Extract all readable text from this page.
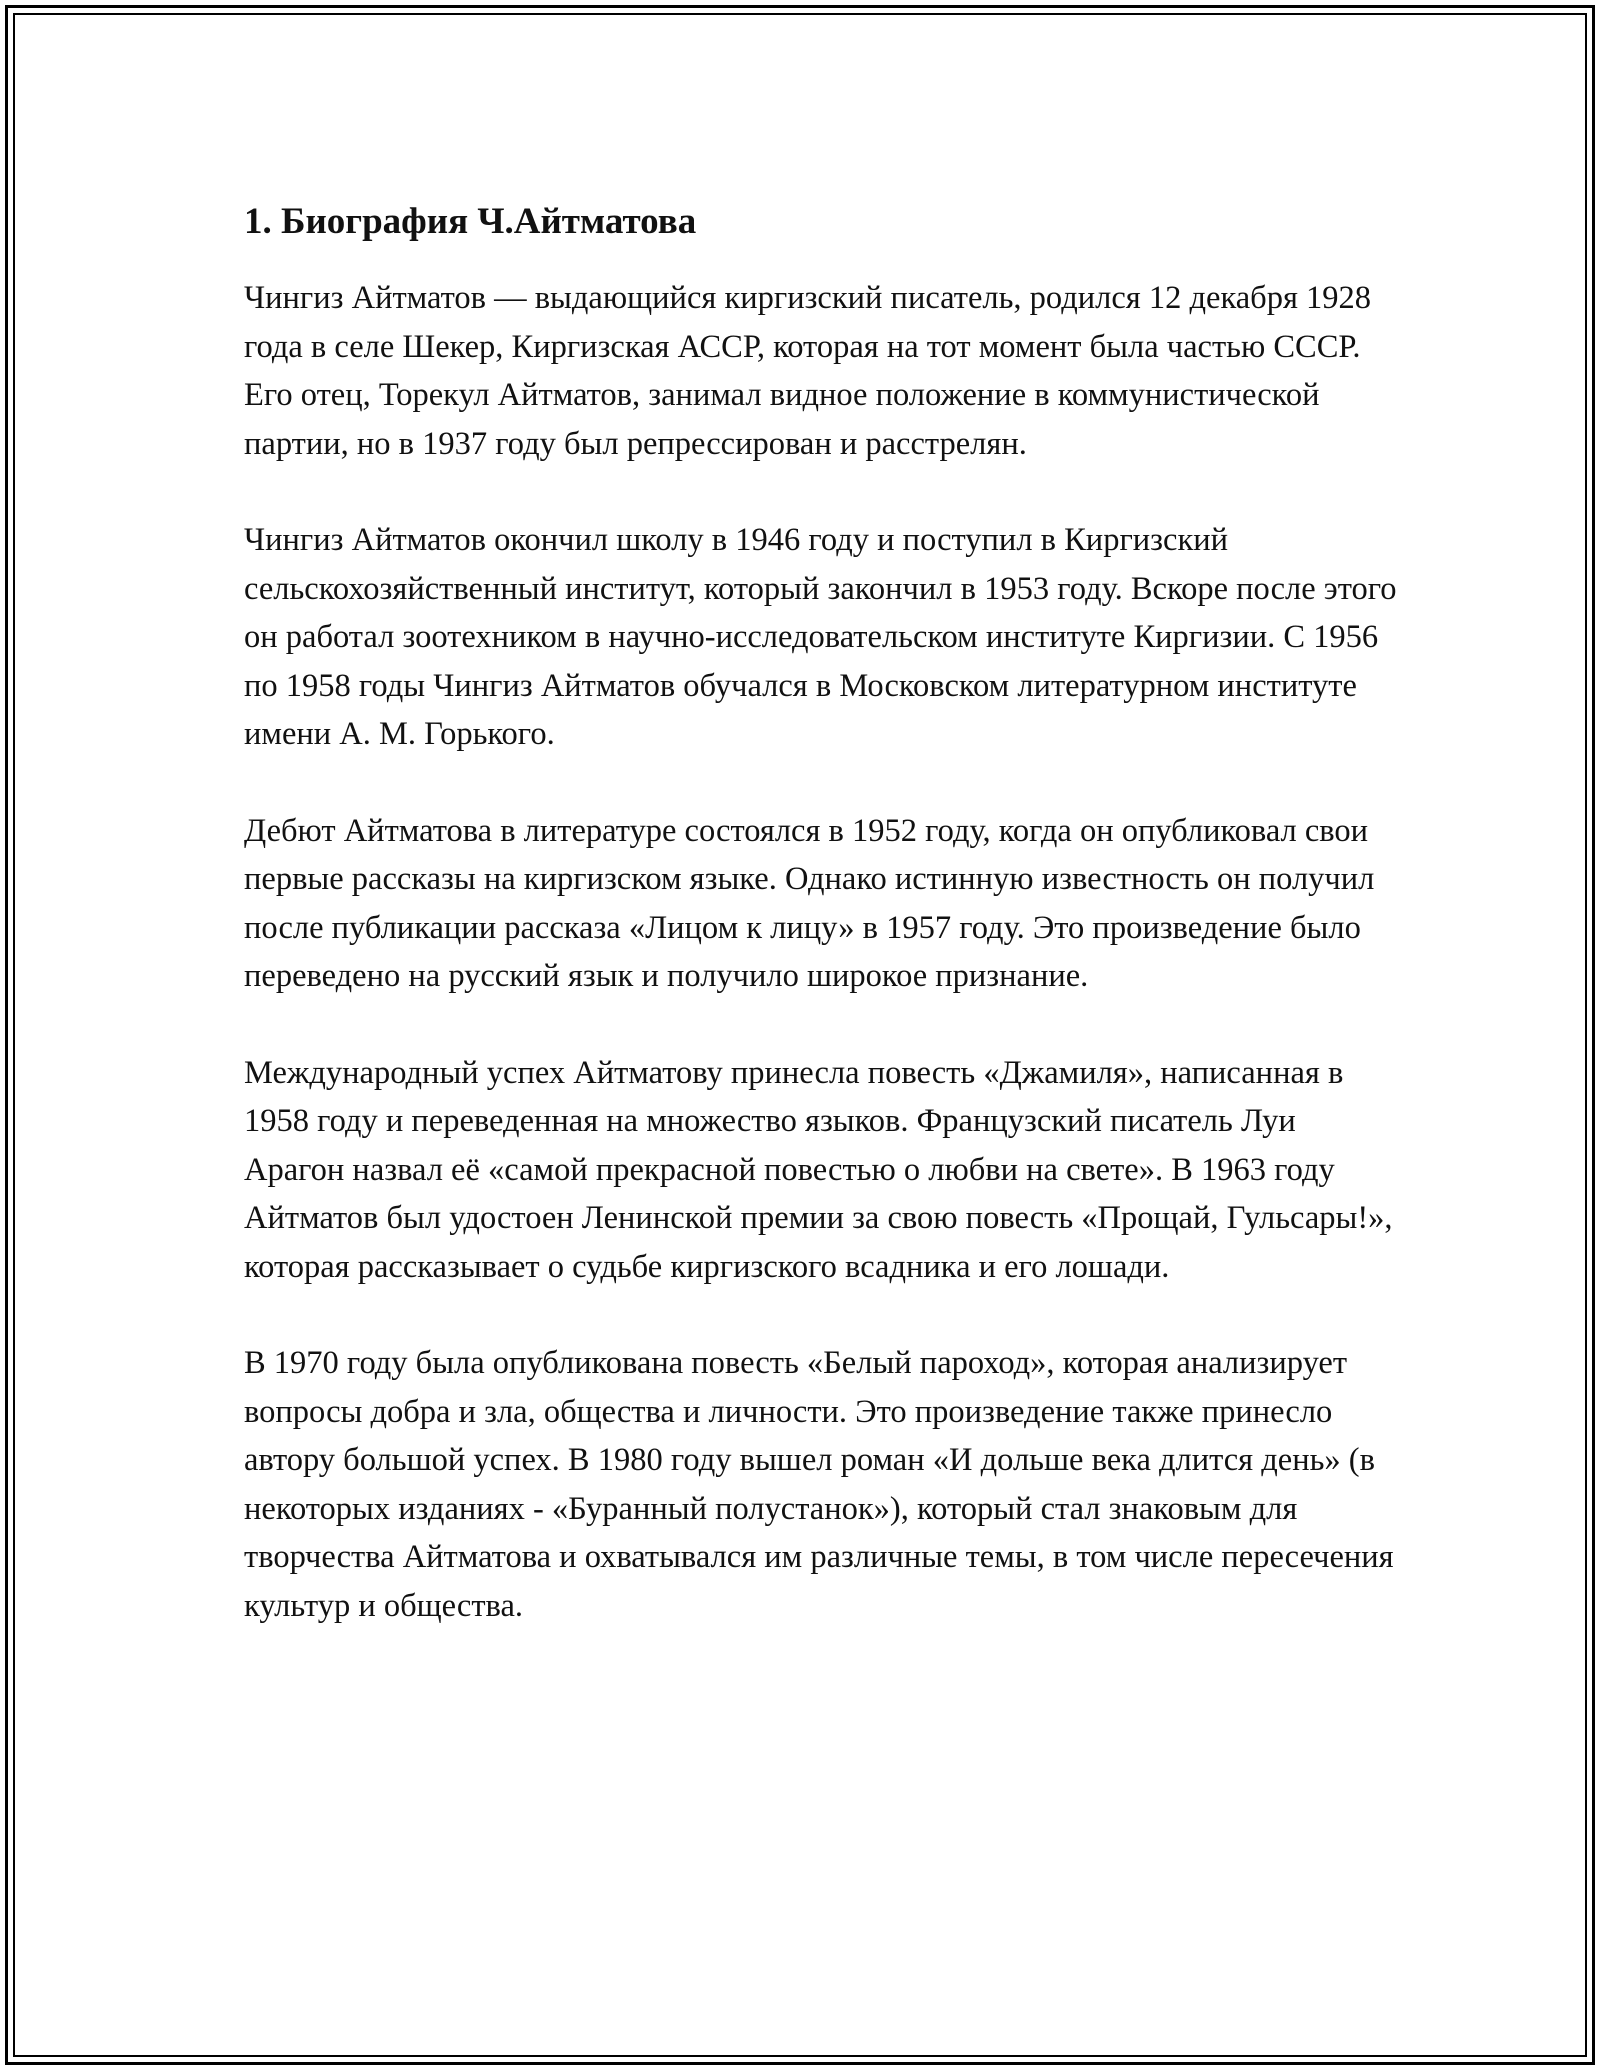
1. Биография Ч.Айтматова

Чингиз Айтматов — выдающийся киргизский писатель, родился 12 декабря 1928 года в селе Шекер, Киргизская АССР, которая на тот момент была частью СССР. Его отец, Торекул Айтматов, занимал видное положение в коммунистической партии, но в 1937 году был репрессирован и расстрелян.

Чингиз Айтматов окончил школу в 1946 году и поступил в Киргизский сельскохозяйственный институт, который закончил в 1953 году. Вскоре после этого он работал зоотехником в научно-исследовательском институте Киргизии. С 1956 по 1958 годы Чингиз Айтматов обучался в Московском литературном институте имени А. М. Горького.

Дебют Айтматова в литературе состоялся в 1952 году, когда он опубликовал свои первые рассказы на киргизском языке. Однако истинную известность он получил после публикации рассказа «Лицом к лицу» в 1957 году. Это произведение было переведено на русский язык и получило широкое признание.

Международный успех Айтматову принесла повесть «Джамиля», написанная в 1958 году и переведенная на множество языков. Французский писатель Луи Арагон назвал её «самой прекрасной повестью о любви на свете». В 1963 году Айтматов был удостоен Ленинской премии за свою повесть «Прощай, Гульсары!», которая рассказывает о судьбе киргизского всадника и его лошади.

В 1970 году была опубликована повесть «Белый пароход», которая анализирует вопросы добра и зла, общества и личности. Это произведение также принесло автору большой успех. В 1980 году вышел роман «И дольше века длится день» (в некоторых изданиях - «Буранный полустанок»), который стал знаковым для творчества Айтматова и охватывался им различные темы, в том числе пересечения культур и общества.
